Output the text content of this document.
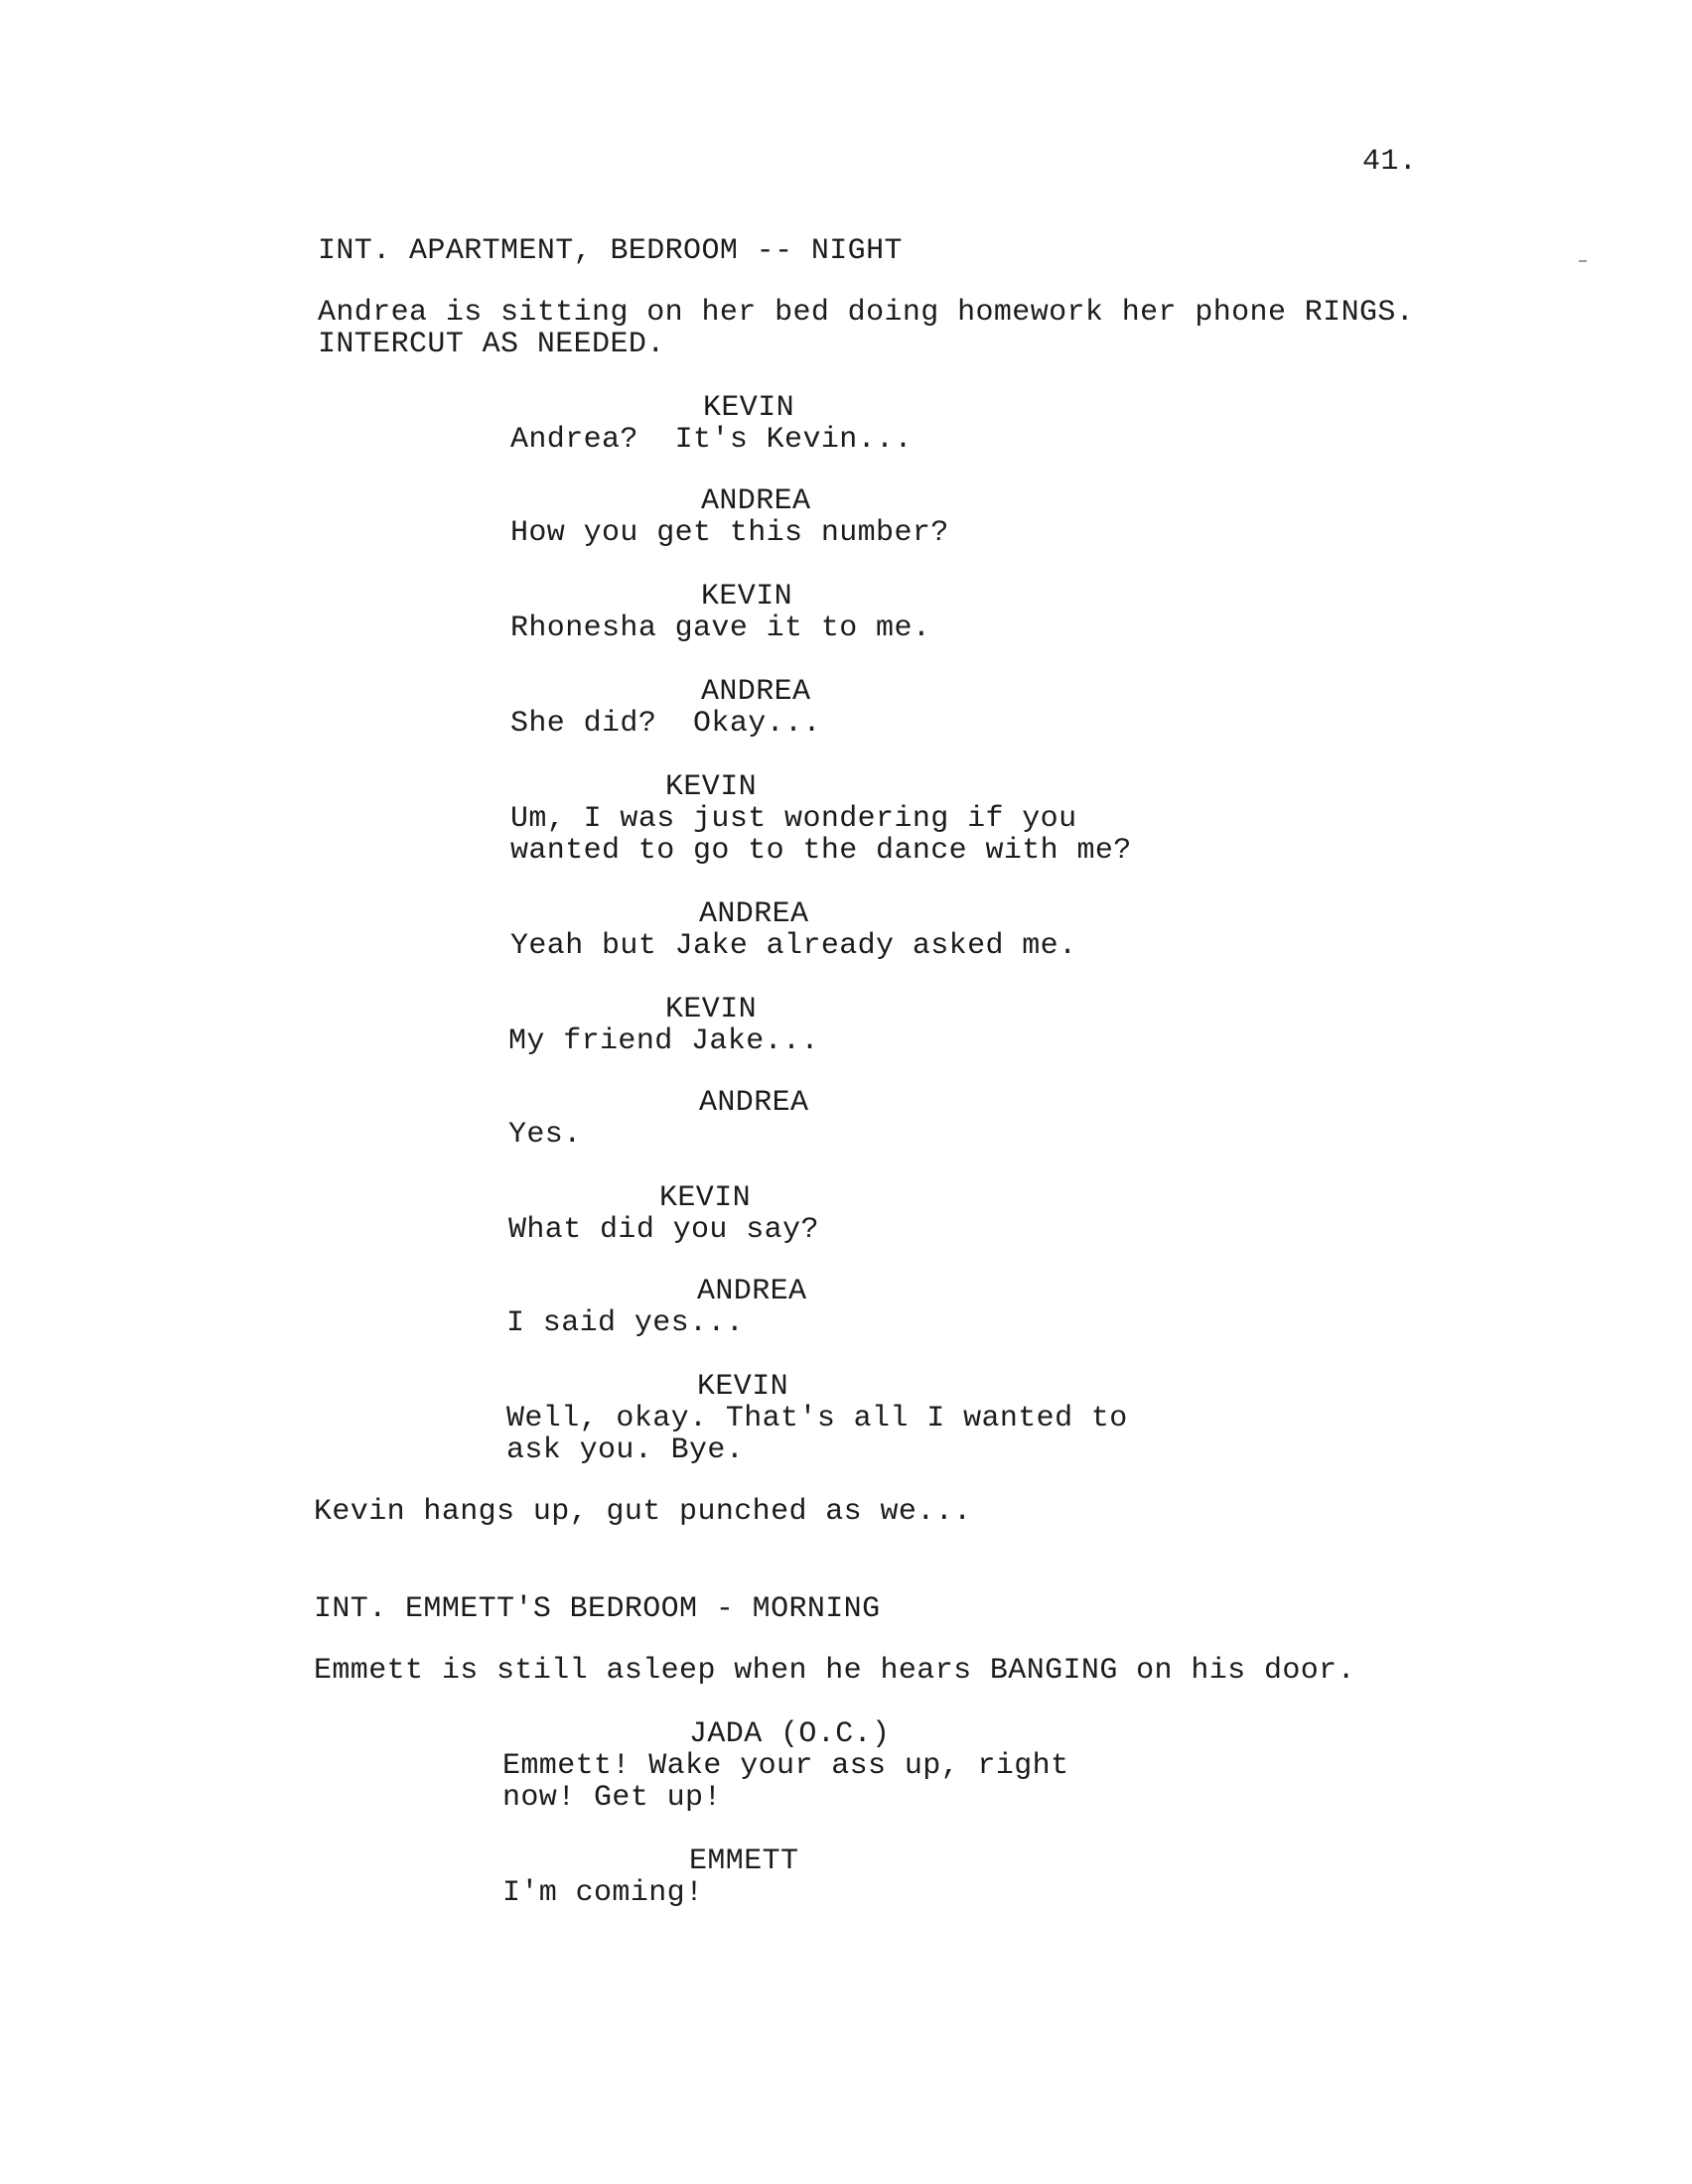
41.
INT. APARTMENT, BEDROOM -- NIGHT
Andrea is sitting on her bed doing homework her phone RINGS.
INTERCUT AS NEEDED.
KEVIN
Andrea?  It's Kevin...
ANDREA
How you get this number?
KEVIN
Rhonesha gave it to me.
ANDREA
She did?  Okay...
KEVIN
Um, I was just wondering if you
wanted to go to the dance with me?
ANDREA
Yeah but Jake already asked me.
KEVIN
My friend Jake...
ANDREA
Yes.
KEVIN
What did you say?
ANDREA
I said yes...
KEVIN
Well, okay. That's all I wanted to
ask you. Bye.
Kevin hangs up, gut punched as we...
INT. EMMETT'S BEDROOM - MORNING
Emmett is still asleep when he hears BANGING on his door.
JADA (O.C.)
Emmett! Wake your ass up, right
now! Get up!
EMMETT
I'm coming!
